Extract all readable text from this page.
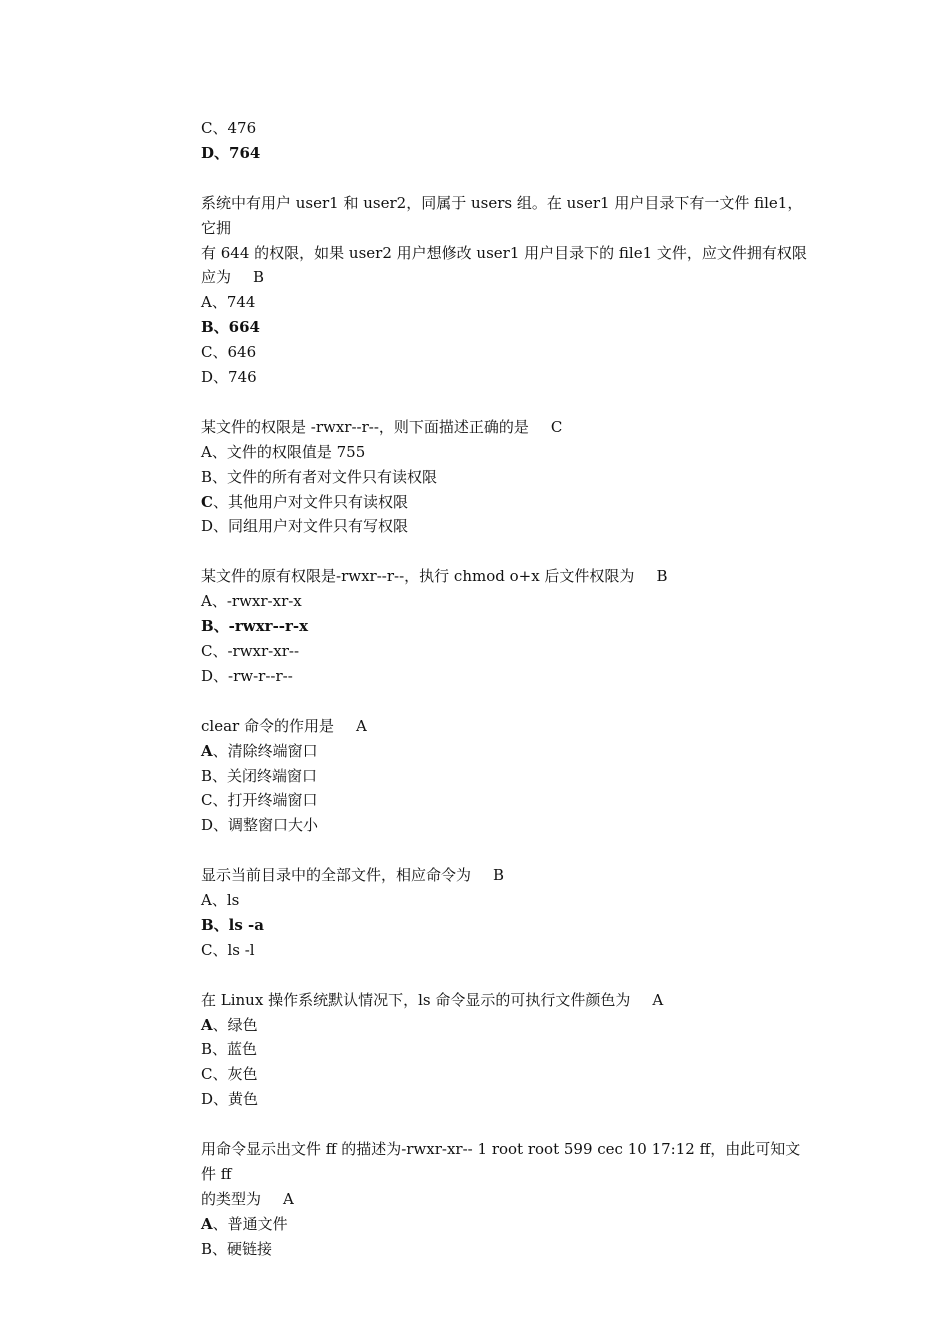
C、476

D、764

系统中有用户 user1 和 user2，同属于 users 组。在 user1 用户目录下有一文件 file1，它拥

有 644 的权限，如果 user2 用户想修改 user1 用户目录下的 file1 文件，应文件拥有权限

应为 B

A、744

B、664

C、646

D、746

某文件的权限是 -rwxr--r--，则下面描述正确的是 C

A、文件的权限值是 755

B、文件的所有者对文件只有读权限

C、其他用户对文件只有读权限

D、同组用户对文件只有写权限

某文件的原有权限是-rwxr--r--，执行 chmod o+x 后文件权限为 B

A、-rwxr-xr-x

B、-rwxr--r-x

C、-rwxr-xr--

D、-rw-r--r--

clear 命令的作用是 A

A、清除终端窗口

B、关闭终端窗口

C、打开终端窗口

D、调整窗口大小

显示当前目录中的全部文件，相应命令为 B

A、ls

B、ls -a

C、ls -l

在 Linux 操作系统默认情况下，ls 命令显示的可执行文件颜色为 A

A、绿色

B、蓝色

C、灰色

D、黄色

用命令显示出文件 ff 的描述为-rwxr-xr-- 1 root root 599 cec 10 17:12 ff，由此可知文件 ff

的类型为 A

A、普通文件

B、硬链接
